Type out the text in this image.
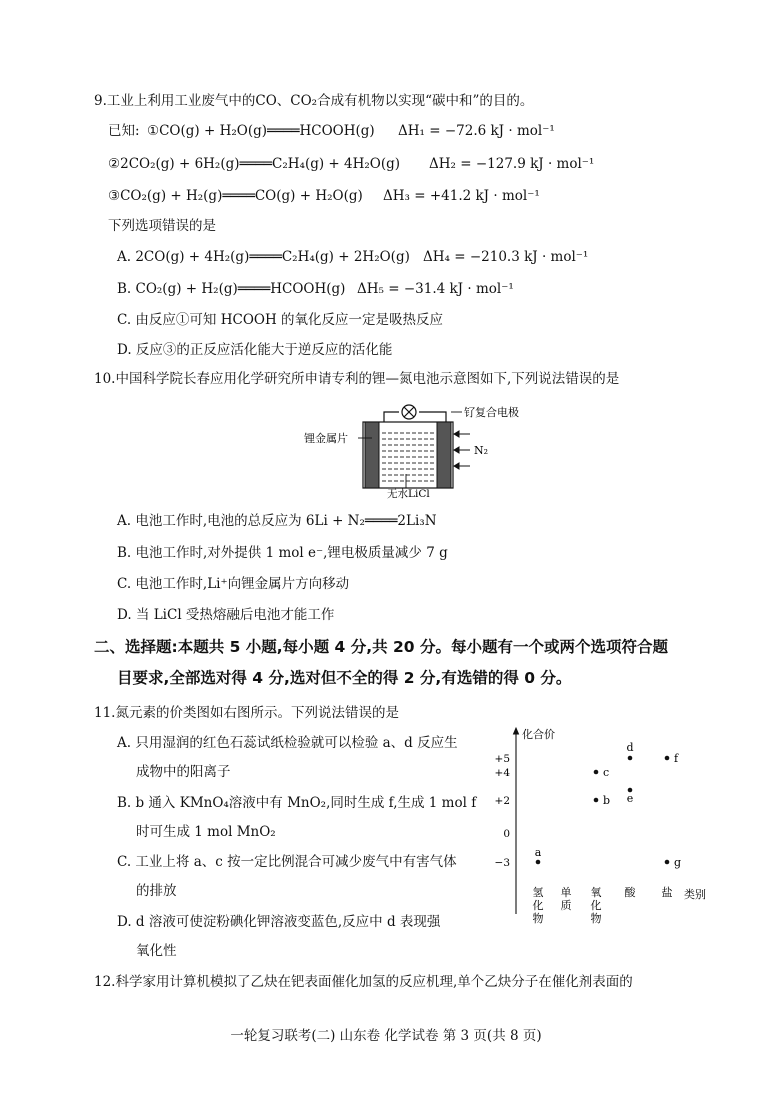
9.工业上利用工业废气中的CO、CO₂合成有机物以实现“碳中和”的目的。
已知: ①CO(g) + H₂O(g)════HCOOH(g) ΔH₁ = −72.6 kJ · mol⁻¹
②2CO₂(g) + 6H₂(g)════C₂H₄(g) + 4H₂O(g) ΔH₂ = −127.9 kJ · mol⁻¹
③CO₂(g) + H₂(g)════CO(g) + H₂O(g) ΔH₃ = +41.2 kJ · mol⁻¹
下列选项错误的是
A. 2CO(g) + 4H₂(g)════C₂H₄(g) + 2H₂O(g) ΔH₄ = −210.3 kJ · mol⁻¹
B. CO₂(g) + H₂(g)════HCOOH(g) ΔH₅ = −31.4 kJ · mol⁻¹
C. 由反应①可知 HCOOH 的氧化反应一定是吸热反应
D. 反应③的正反应活化能大于逆反应的活化能
10.中国科学院长春应用化学研究所申请专利的锂—氮电池示意图如下,下列说法错误的是
锂金属片
钌复合电极
N₂
无水LiCl
A. 电池工作时,电池的总反应为 6Li + N₂════2Li₃N
B. 电池工作时,对外提供 1 mol e⁻,锂电极质量减少 7 g
C. 电池工作时,Li⁺向锂金属片方向移动
D. 当 LiCl 受热熔融后电池才能工作
二、选择题:本题共 5 小题,每小题 4 分,共 20 分。每小题有一个或两个选项符合题
目要求,全部选对得 4 分,选对但不全的得 2 分,有选错的得 0 分。
11.氮元素的价类图如右图所示。下列说法错误的是
A. 只用湿润的红色石蕊试纸检验就可以检验 a、d 反应生
成物中的阳离子
B. b 通入 KMnO₄溶液中有 MnO₂,同时生成 f,生成 1 mol f
时可生成 1 mol MnO₂
C. 工业上将 a、c 按一定比例混合可减少废气中有害气体
的排放
D. d 溶液可使淀粉碘化钾溶液变蓝色,反应中 d 表现强
氧化性
化合价
类别
+5
+4
+2
0
−3
氢
化
物
单
质
氧
化
物
酸 盐
a
b
c
d
e
f
g
12.科学家用计算机模拟了乙炔在钯表面催化加氢的反应机理,单个乙炔分子在催化剂表面的
一轮复习联考(二) 山东卷 化学试卷 第 3 页(共 8 页)
